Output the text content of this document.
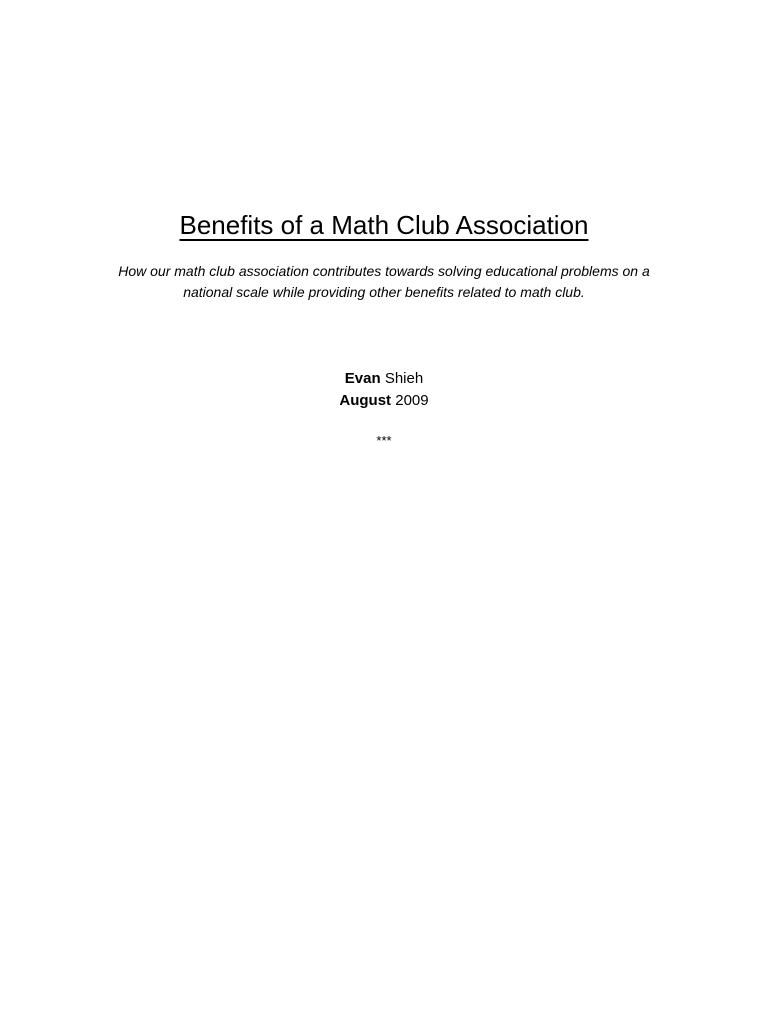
Benefits of a Math Club Association

How our math club association contributes towards solving educational problems on a
national scale while providing other benefits related to math club.

Evan Shieh
August 2009
***
